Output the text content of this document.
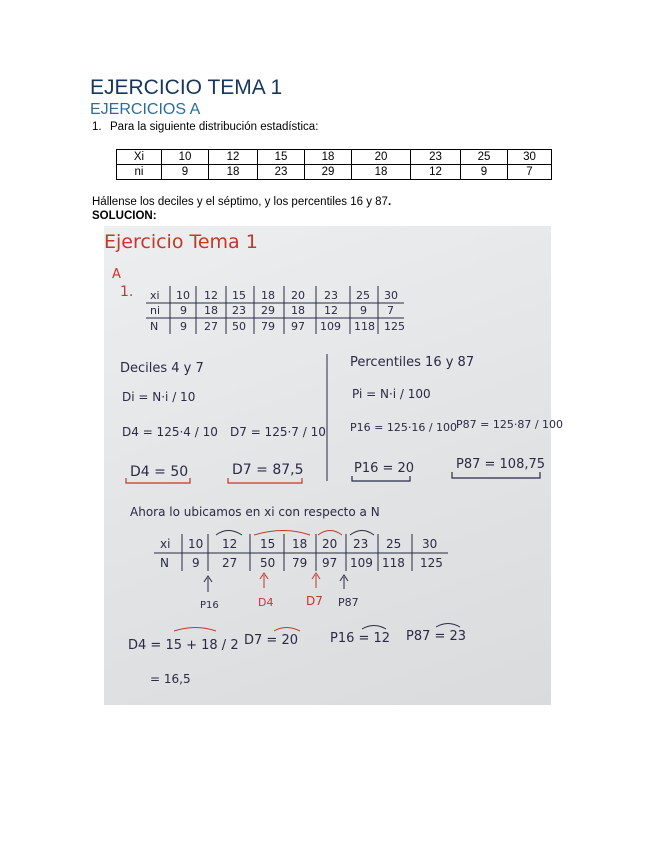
EJERCICIO TEMA 1
EJERCICIOS A
1. Para la siguiente distribución estadística:
Xi	10	12	15	18	20	23	25	30
ni	9	18	23	29	18	12	9	7
Hállense los deciles y el séptimo, y los percentiles 16 y 87.
SOLUCION:
Ejercicio Tema 1
A
1. xi 10 12 15 18 20 23 25 30
ni 9 18 23 29 18 12 9 7
N 9 27 50 79 97 109 118 125
Deciles 4 y 7
Di = N·i / 10
D4 = 125·4 / 10 D7 = 125·7 / 10
D4 = 50	D7 = 87,5
Percentiles 16 y 87
Pi = N·i / 100
P16 = 125·16 / 100
P87 = 125·87 / 100
P16 = 20	P87 = 108,75
Ahora lo ubicamos en xi con respecto a N
xi 10 12 15 18 20 23 25 30
N 9 27 50 79 97 109 118 125
P16	D4	D7 P87
D4 = 15 + 18 / 2
= 16,5
D7 = 20 P16 = 12 P87 = 23
